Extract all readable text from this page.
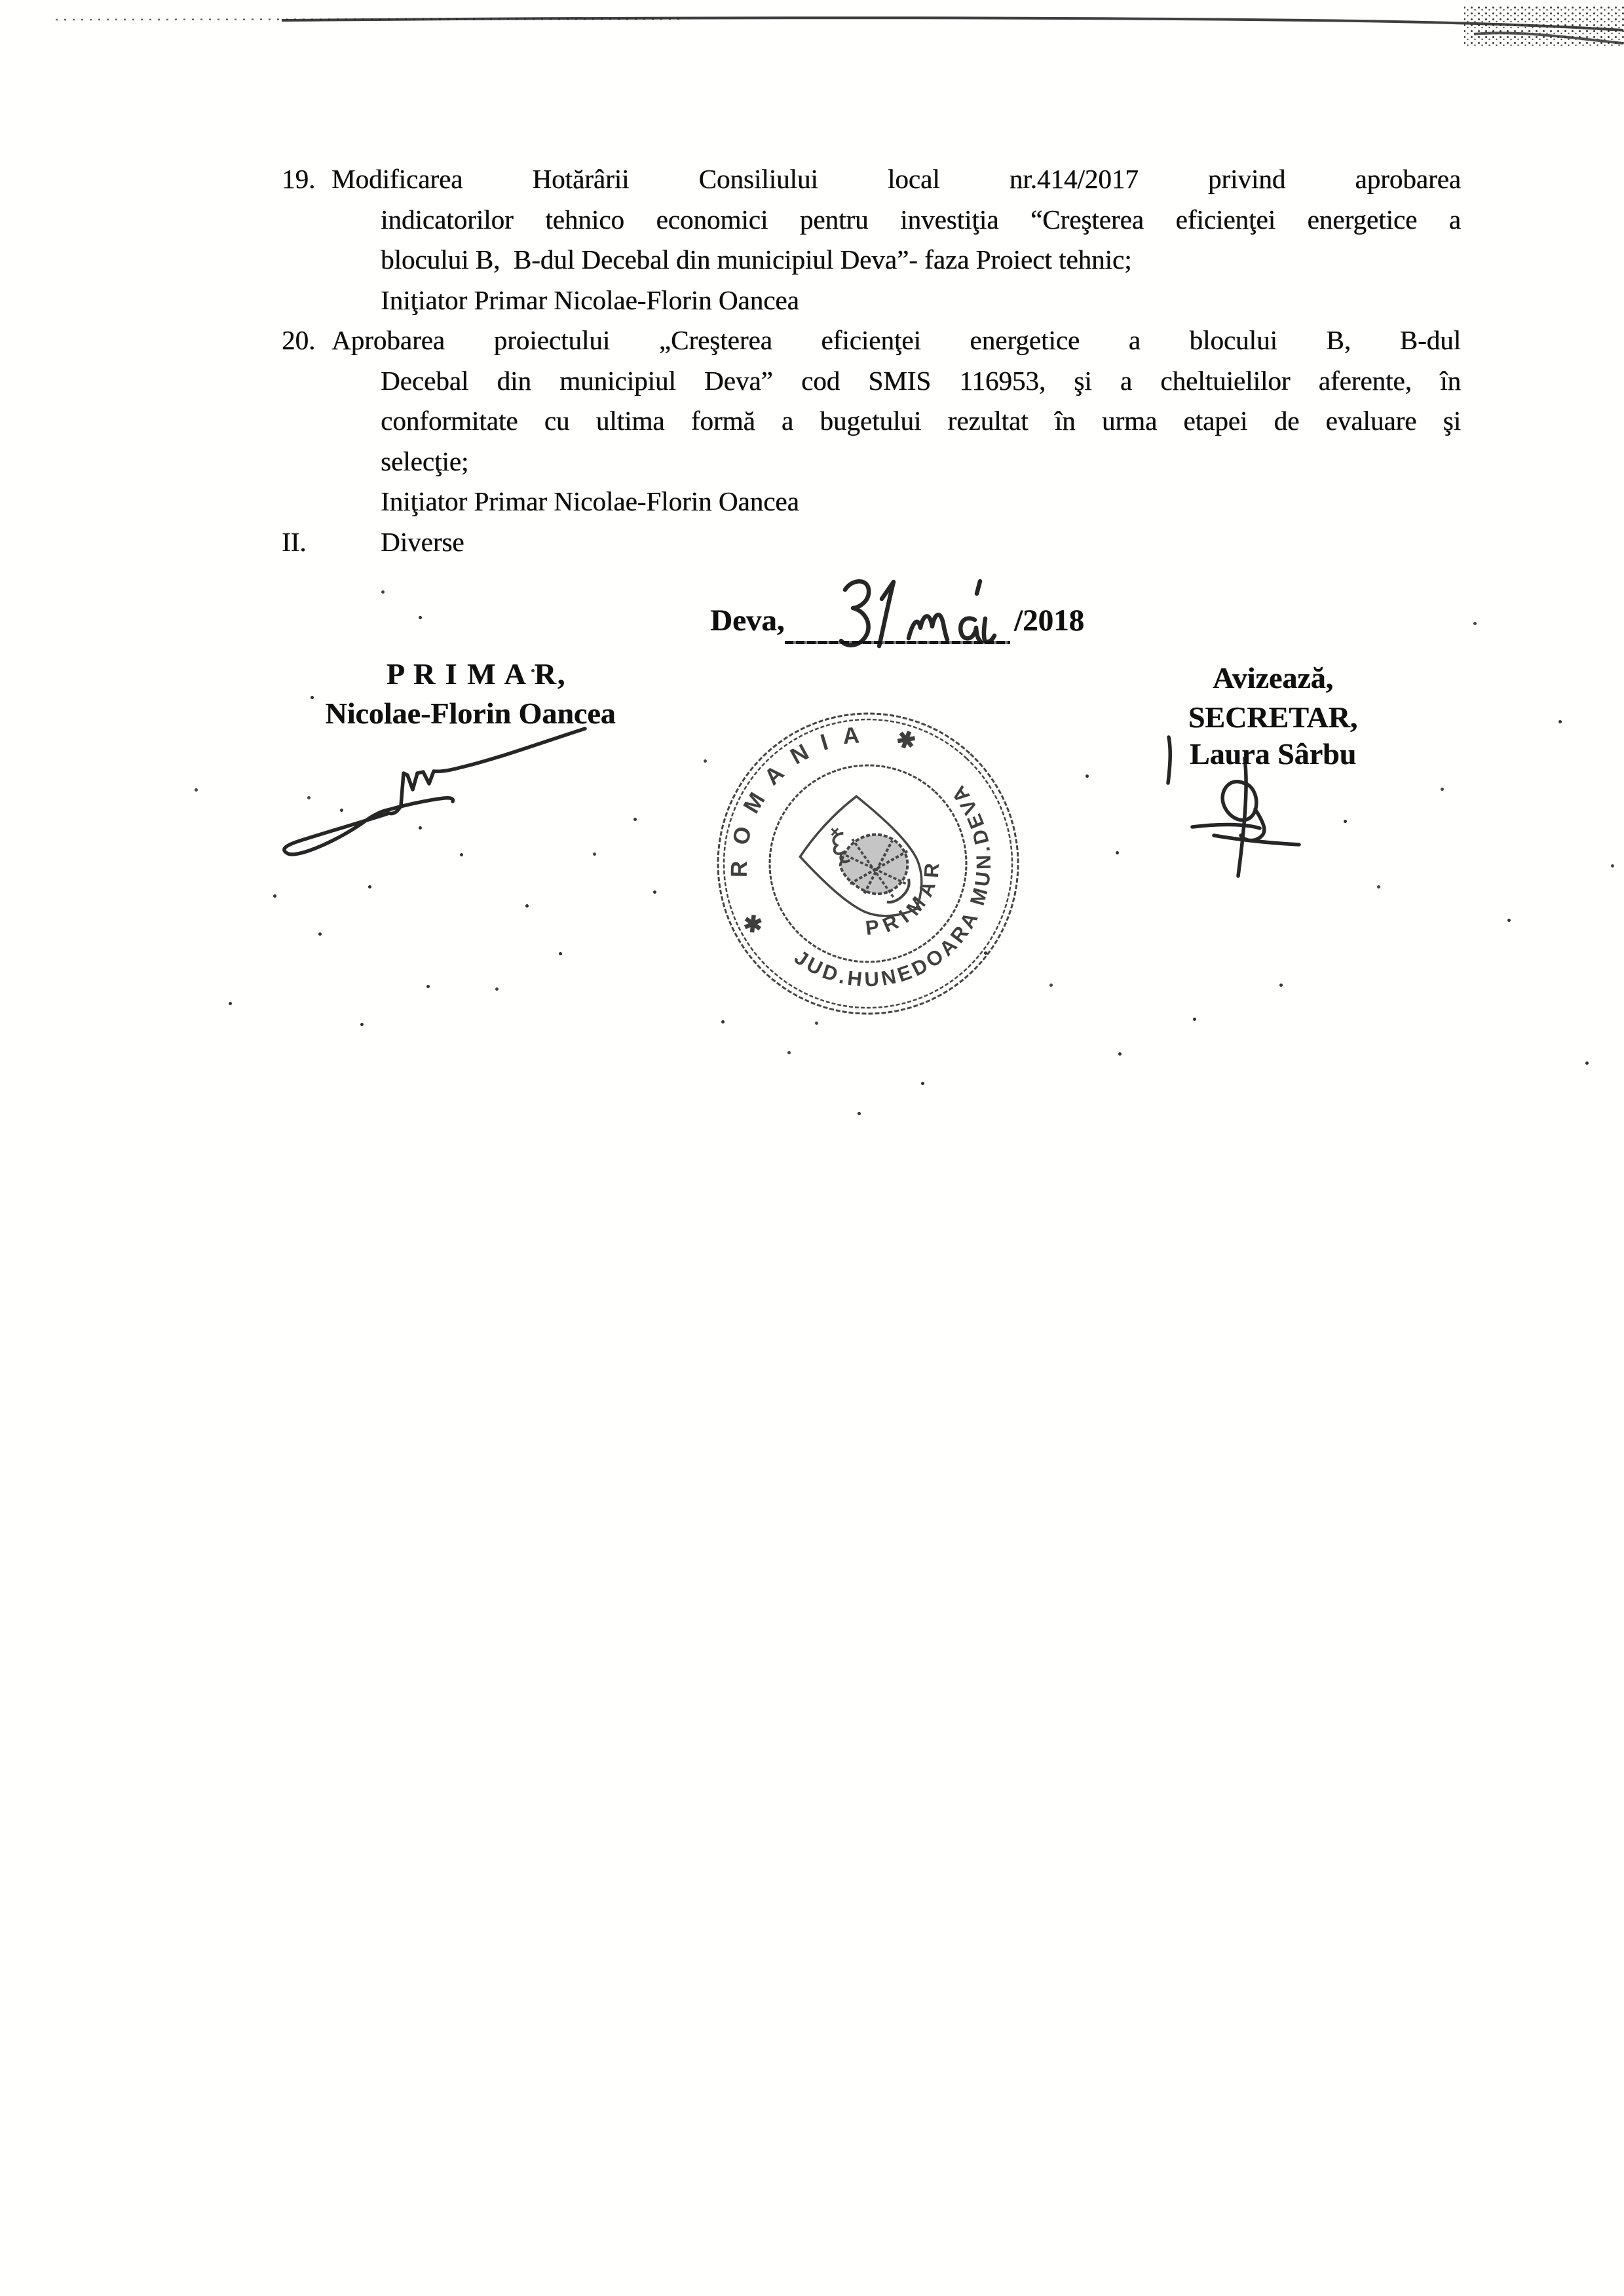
19. Modificarea Hotărârii Consiliului local nr.414/2017 privind aprobarea
indicatorilor tehnico economici pentru investiţia “Creşterea eficienţei energetice a
blocului B,  B-dul Decebal din municipiul Deva”- faza Proiect tehnic;
Iniţiator Primar Nicolae-Florin Oancea
20. Aprobarea proiectului „Creşterea eficienţei energetice a blocului B, B-dul
Decebal din municipiul Deva” cod SMIS 116953, şi a cheltuielilor aferente, în
conformitate cu ultima formă a bugetului rezultat în urma etapei de evaluare şi
selecţie;
Iniţiator Primar Nicolae-Florin Oancea
II.	Diverse
Deva,	/2018
P R I M A R,
Nicolae-Florin Oancea
Avizează,
SECRETAR,
Laura Sârbu
✱ ROMANIA ✱
JUD.HUNEDOARA MUN.DEVA
PRIMAR
